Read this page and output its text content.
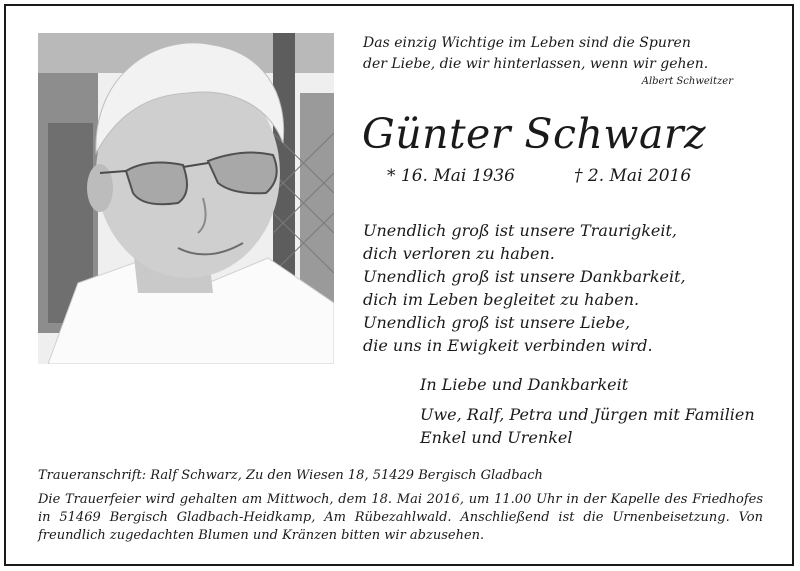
Das einzig Wichtige im Leben sind die Spuren
der Liebe, die wir hinterlassen, wenn wir gehen.
Albert Schweitzer
Günter Schwarz
* 16. Mai 1936	† 2. Mai 2016
Unendlich groß ist unsere Traurigkeit,
dich verloren zu haben.
Unendlich groß ist unsere Dankbarkeit,
dich im Leben begleitet zu haben.
Unendlich groß ist unsere Liebe,
die uns in Ewigkeit verbinden wird.
In Liebe und Dankbarkeit
Uwe, Ralf, Petra und Jürgen mit Familien
Enkel und Urenkel
Traueranschrift: Ralf Schwarz, Zu den Wiesen 18, 51429 Bergisch Gladbach
Die Trauerfeier wird gehalten am Mittwoch, dem 18. Mai 2016, um 11.00 Uhr in der Kapelle des Friedhofes in 51469 Bergisch Gladbach-Heidkamp, Am Rübezahlwald. Anschließend ist die Urnenbeisetzung. Von freundlich zugedachten Blumen und Kränzen bitten wir abzusehen.
